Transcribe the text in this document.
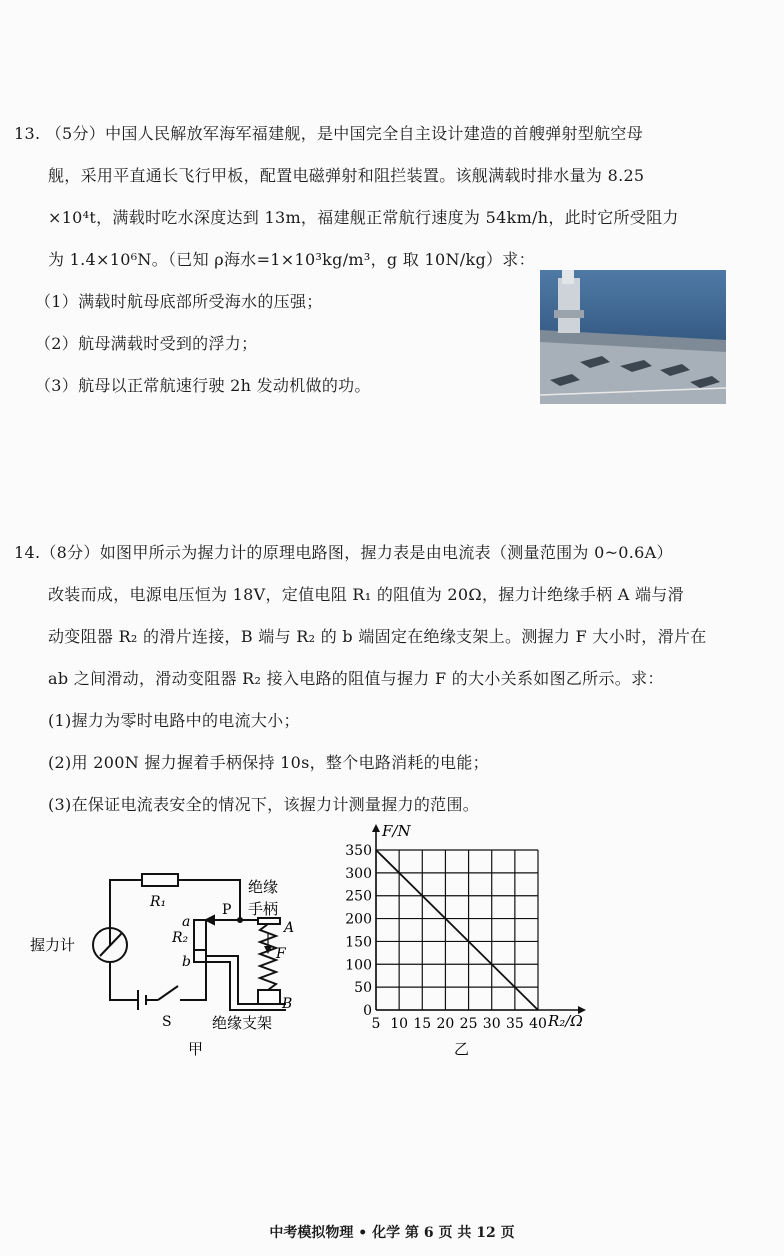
13. （5分）中国人民解放军海军福建舰，是中国完全自主设计建造的首艘弹射型航空母
舰，采用平直通长飞行甲板，配置电磁弹射和阻拦装置。该舰满载时排水量为 8.25
×10⁴t，满载时吃水深度达到 13m，福建舰正常航行速度为 54km/h，此时它所受阻力
为 1.4×10⁶N。（已知 ρ海水=1×10³kg/m³，g 取 10N/kg）求：
（1）满载时航母底部所受海水的压强；
（2）航母满载时受到的浮力；
（3）航母以正常航速行驶 2h 发动机做的功。
14.（8分）如图甲所示为握力计的原理电路图，握力表是由电流表（测量范围为 0~0.6A）
改装而成，电源电压恒为 18V，定值电阻 R₁ 的阻值为 20Ω，握力计绝缘手柄 A 端与滑
动变阻器 R₂ 的滑片连接，B 端与 R₂ 的 b 端固定在绝缘支架上。测握力 F 大小时，滑片在
ab 之间滑动，滑动变阻器 R₂ 接入电路的阻值与握力 F 的大小关系如图乙所示。求：
(1)握力为零时电路中的电流大小；
(2)用 200N 握力握着手柄保持 10s，整个电路消耗的电能；
(3)在保证电流表安全的情况下，该握力计测量握力的范围。
握力计
R₁
R₂
a
b
P
绝缘
手柄
A
F
B
S	绝缘支架
甲
5 10 15 20 25 30 35 40
0
50
100
150
200
250
300
350
F/N
R₂/Ω
乙
中考模拟物理 • 化学 第 6 页 共 12 页
